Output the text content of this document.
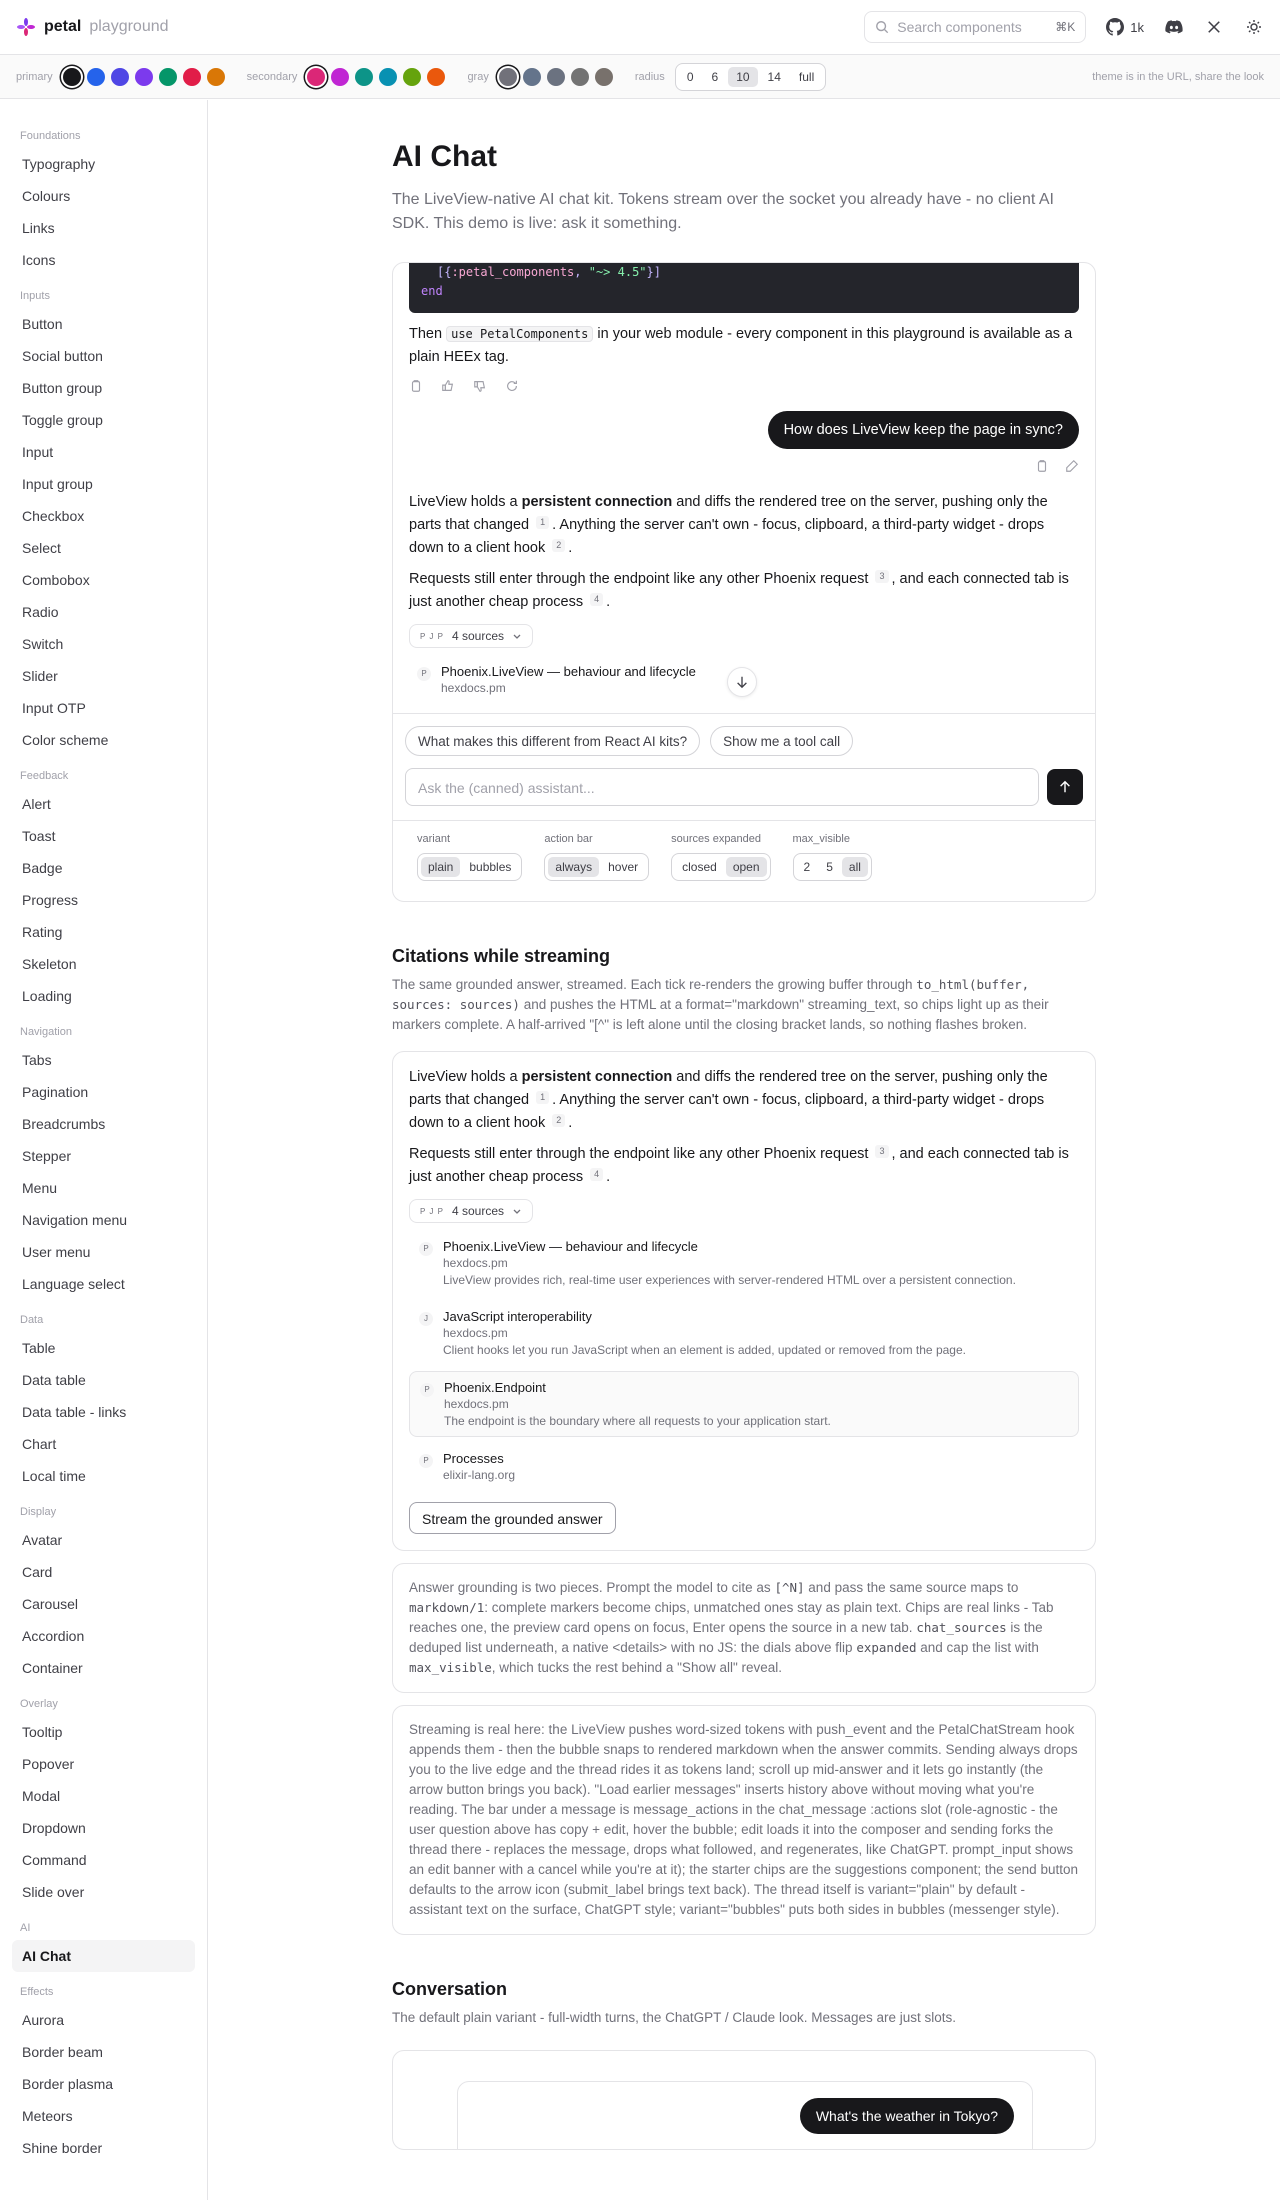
petal playground	Search components	⌘K	1k
primary	secondary	gray	radius	0	6	10	14	full	theme is in the URL, share the look
Foundations
Typography
Colours
Links
Icons
Inputs
Button
Social button
Button group
Toggle group
Input
Input group
Checkbox
Select
Combobox
Radio
Switch
Slider
Input OTP
Color scheme
Feedback
Alert
Toast
Badge
Progress
Rating
Skeleton
Loading
Navigation
Tabs
Pagination
Breadcrumbs
Stepper
Menu
Navigation menu
User menu
Language select
Data
Table
Data table
Data table - links
Chart
Local time
Display
Avatar
Card
Carousel
Accordion
Container
Overlay
Tooltip
Popover
Modal
Dropdown
Command
Slide over
AI
AI Chat
Effects
Aurora
Border beam
Border plasma
Meteors
Shine border
AI Chat

The LiveView-native AI chat kit. Tokens stream over the socket you already have - no client AI SDK. This demo is live: ask it something.

[{:petal_components, "~> 4.5"}]
end

Then use PetalComponents in your web module - every component in this playground is available as a plain HEEx tag.

How does LiveView keep the page in sync?

LiveView holds a persistent connection and diffs the rendered tree on the server, pushing only the parts that changed $^1$ . Anything the server can't own - focus, clipboard, a third-party widget - drops down to a client hook $^2$ .

Requests still enter through the endpoint like any other Phoenix request $^3$ , and each connected tab is just another cheap process $^4$ .

P J P 4 sources
P	Phoenix.LiveView — behaviour and lifecycle
hexdocs.pm
What makes this different from React AI kits?	Show me a tool call
Ask the (canned) assistant...
variant
plain	bubbles
action bar
always	hover
sources expanded
closed	open
max_visible
2	5	all
Citations while streaming

The same grounded answer, streamed. Each tick re-renders the growing buffer through to_html(buffer, sources: sources) and pushes the HTML at a format="markdown" streaming_text, so chips light up as their markers complete. A half-arrived "[^" is left alone until the closing bracket lands, so nothing flashes broken.

LiveView holds a persistent connection and diffs the rendered tree on the server, pushing only the parts that changed $^1$ . Anything the server can't own - focus, clipboard, a third-party widget - drops down to a client hook $^2$ .

Requests still enter through the endpoint like any other Phoenix request $^3$ , and each connected tab is just another cheap process $^4$ .

P J P 4 sources
P	Phoenix.LiveView — behaviour and lifecycle
hexdocs.pm
LiveView provides rich, real-time user experiences with server-rendered HTML over a persistent connection.
J	JavaScript interoperability
hexdocs.pm
Client hooks let you run JavaScript when an element is added, updated or removed from the page.
P	Phoenix.Endpoint
hexdocs.pm
The endpoint is the boundary where all requests to your application start.
P	Processes
elixir-lang.org
Stream the grounded answer
Answer grounding is two pieces. Prompt the model to cite as [^N] and pass the same source maps to markdown/1: complete markers become chips, unmatched ones stay as plain text. Chips are real links - Tab reaches one, the preview card opens on focus, Enter opens the source in a new tab. chat_sources is the deduped list underneath, a native <details> with no JS: the dials above flip expanded and cap the list with max_visible, which tucks the rest behind a "Show all" reveal.
Streaming is real here: the LiveView pushes word-sized tokens with push_event and the PetalChatStream hook appends them - then the bubble snaps to rendered markdown when the answer commits. Sending always drops you to the live edge and the thread rides it as tokens land; scroll up mid-answer and it lets go instantly (the arrow button brings you back). "Load earlier messages" inserts history above without moving what you're reading. The bar under a message is message_actions in the chat_message :actions slot (role-agnostic - the user question above has copy + edit, hover the bubble; edit loads it into the composer and sending forks the thread there - replaces the message, drops what followed, and regenerates, like ChatGPT. prompt_input shows an edit banner with a cancel while you're at it); the starter chips are the suggestions component; the send button defaults to the arrow icon (submit_label brings text back). The thread itself is variant="plain" by default - assistant text on the surface, ChatGPT style; variant="bubbles" puts both sides in bubbles (messenger style).
Conversation

The default plain variant - full-width turns, the ChatGPT / Claude look. Messages are just slots.

What's the weather in Tokyo?
